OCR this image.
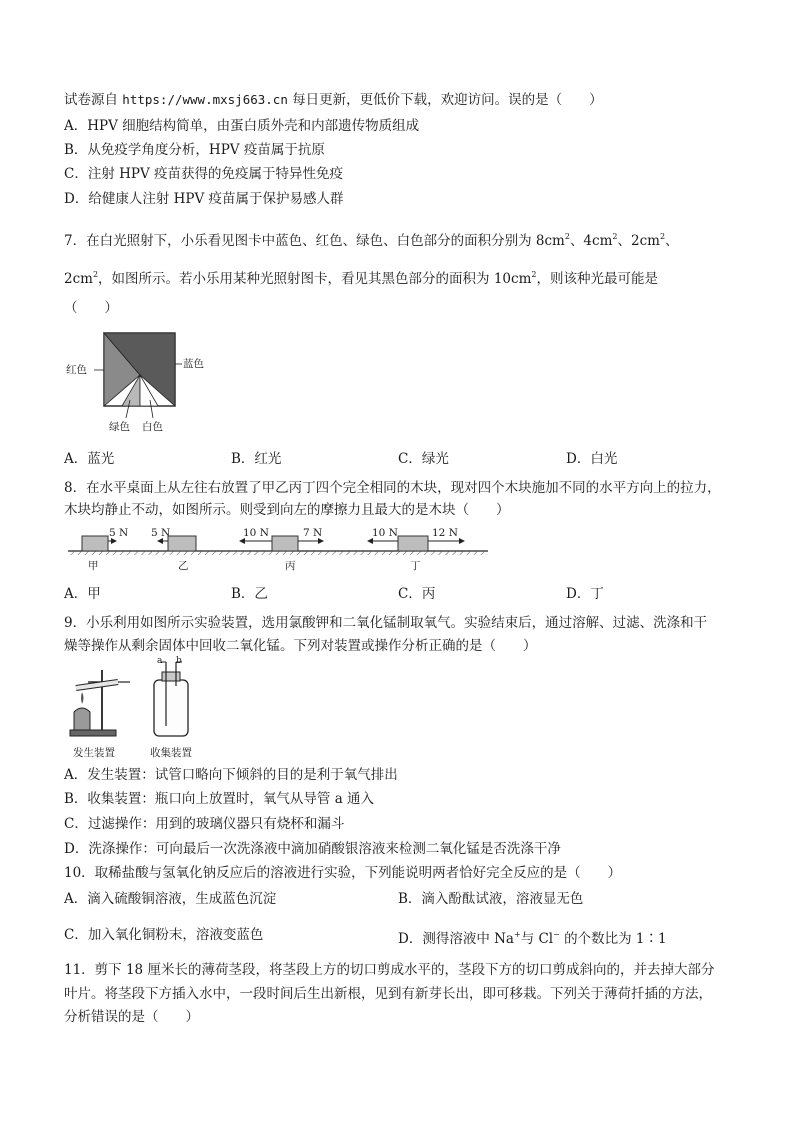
试卷源自 https://www.mxsj663.cn 每日更新，更低价下载，欢迎访问。误的是（　　）
A．HPV 细胞结构简单，由蛋白质外壳和内部遗传物质组成
B．从免疫学角度分析，HPV 疫苗属于抗原
C．注射 HPV 疫苗获得的免疫属于特异性免疫
D．给健康人注射 HPV 疫苗属于保护易感人群
7．在白光照射下，小乐看见图卡中蓝色、红色、绿色、白色部分的面积分别为 $8cm^2$、$4cm^2$、$2cm^2$、
$2cm^2$，如图所示。若小乐用某种光照射图卡，看见其黑色部分的面积为 $10cm^2$，则该种光最可能是
（　　）
红色	蓝色
绿色 白色
A．蓝光	B．红光	C．绿光	D．白光
8．在水平桌面上从左往右放置了甲乙丙丁四个完全相同的木块，现对四个木块施加不同的水平方向上的拉力，
木块均静止不动，如图所示。则受到向左的摩擦力且最大的是木块（　　）
5 N 5 N	10 N	7 N	10 N	12 N
甲	乙	丙	丁
A．甲	B．乙	C．丙	D．丁
9．小乐利用如图所示实验装置，选用氯酸钾和二氧化锰制取氧气。实验结束后，通过溶解、过滤、洗涤和干
燥等操作从剩余固体中回收二氧化锰。下列对装置或操作分析正确的是（　　）
a b
发生装置	收集装置
A．发生装置：试管口略向下倾斜的目的是利于氧气排出
B．收集装置：瓶口向上放置时，氧气从导管 a 通入
C．过滤操作：用到的玻璃仪器只有烧杯和漏斗
D．洗涤操作：可向最后一次洗涤液中滴加硝酸银溶液来检测二氧化锰是否洗涤干净
10．取稀盐酸与氢氧化钠反应后的溶液进行实验，下列能说明两者恰好完全反应的是（　　）
A．滴入硫酸铜溶液，生成蓝色沉淀	B．滴入酚酞试液，溶液显无色
C．加入氧化铜粉末，溶液变蓝色	D．测得溶液中 Na+与 Cl− 的个数比为 1∶1
11．剪下 18 厘米长的薄荷茎段，将茎段上方的切口剪成水平的，茎段下方的切口剪成斜向的，并去掉大部分
叶片。将茎段下方插入水中，一段时间后生出新根，见到有新芽长出，即可移栽。下列关于薄荷扦插的方法，
分析错误的是（　　）
